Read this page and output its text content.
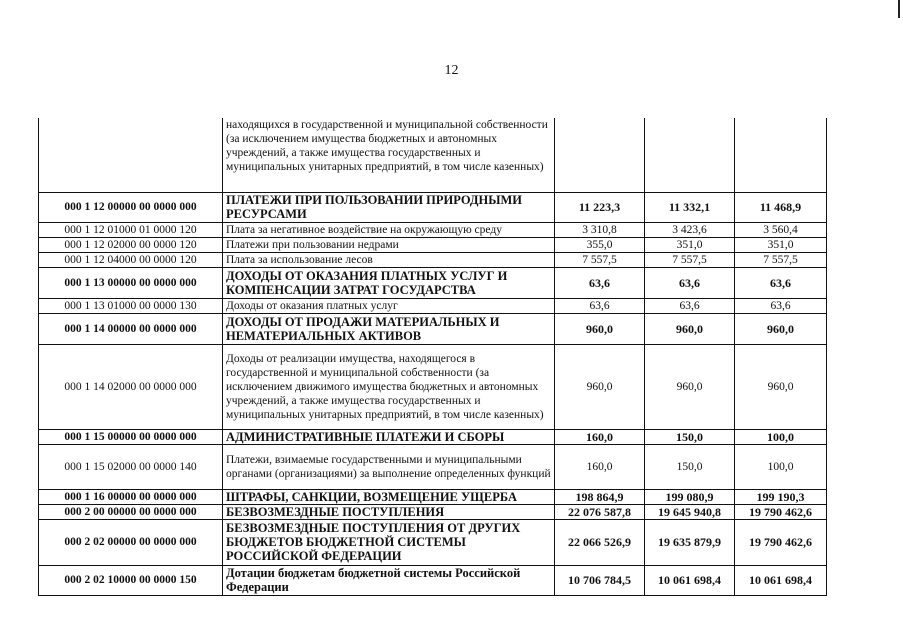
12
	находящихся в государственной и муниципальной собственности (за исключением имущества бюджетных и автономных учреждений, а также имущества государственных и муниципальных унитарных предприятий, в том числе казенных)			
000 1 12 00000 00 0000 000	ПЛАТЕЖИ ПРИ ПОЛЬЗОВАНИИ ПРИРОДНЫМИ РЕСУРСАМИ	11 223,3	11 332,1	11 468,9
000 1 12 01000 01 0000 120	Плата за негативное воздействие на окружающую среду	3 310,8	3 423,6	3 560,4
000 1 12 02000 00 0000 120	Платежи при пользовании недрами	355,0	351,0	351,0
000 1 12 04000 00 0000 120	Плата за использование лесов	7 557,5	7 557,5	7 557,5
000 1 13 00000 00 0000 000	ДОХОДЫ ОТ ОКАЗАНИЯ ПЛАТНЫХ УСЛУГ И КОМПЕНСАЦИИ ЗАТРАТ ГОСУДАРСТВА	63,6	63,6	63,6
000 1 13 01000 00 0000 130	Доходы от оказания платных услуг	63,6	63,6	63,6
000 1 14 00000 00 0000 000	ДОХОДЫ ОТ ПРОДАЖИ МАТЕРИАЛЬНЫХ И НЕМАТЕРИАЛЬНЫХ АКТИВОВ	960,0	960,0	960,0
000 1 14 02000 00 0000 000	Доходы от реализации имущества, находящегося в государственной и муниципальной собственности (за исключением движимого имущества бюджетных и автономных учреждений, а также имущества государственных и муниципальных унитарных предприятий, в том числе казенных)	960,0	960,0	960,0
000 1 15 00000 00 0000 000	АДМИНИСТРАТИВНЫЕ ПЛАТЕЖИ И СБОРЫ	160,0	150,0	100,0
000 1 15 02000 00 0000 140	Платежи, взимаемые государственными и муниципальными органами (организациями) за выполнение определенных функций	160,0	150,0	100,0
000 1 16 00000 00 0000 000	ШТРАФЫ, САНКЦИИ, ВОЗМЕЩЕНИЕ УЩЕРБА	198 864,9	199 080,9	199 190,3
000 2 00 00000 00 0000 000	БЕЗВОЗМЕЗДНЫЕ ПОСТУПЛЕНИЯ	22 076 587,8	19 645 940,8	19 790 462,6
000 2 02 00000 00 0000 000	БЕЗВОЗМЕЗДНЫЕ ПОСТУПЛЕНИЯ ОТ ДРУГИХ БЮДЖЕТОВ БЮДЖЕТНОЙ СИСТЕМЫ РОССИЙСКОЙ ФЕДЕРАЦИИ	22 066 526,9	19 635 879,9	19 790 462,6
000 2 02 10000 00 0000 150	Дотации бюджетам бюджетной системы Российской Федерации	10 706 784,5	10 061 698,4	10 061 698,4
